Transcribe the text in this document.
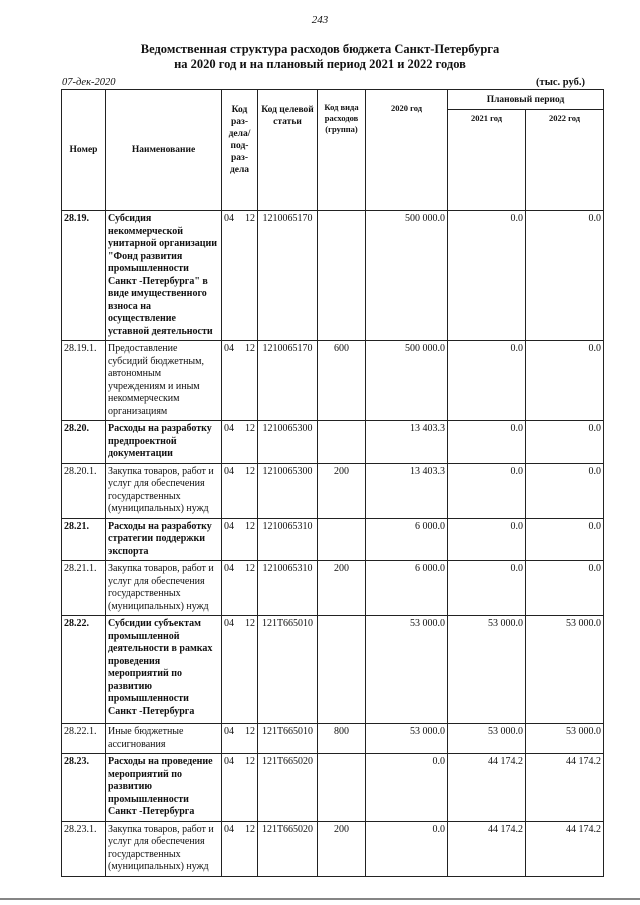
243
Ведомственная структура расходов бюджета Санкт-Петербурга
на 2020 год и на плановый период 2021 и 2022 годов
07-дек-2020	(тыс. руб.)
Номер	Наименование	Код раз- дела/ под- раз- дела	Код целевой статьи	Код вида расходов (группа)	2020 год	Плановый период	
						2021 год	2022 год
28.19.	Субсидия некоммерческой унитарной организации "Фонд развития промышленности Санкт -Петербурга" в виде имущественного взноса на осуществление уставной деятельности	04 12	1210065170		500 000.0	0.0	0.0
28.19.1.	Предоставление субсидий бюджетным, автономным учреждениям и иным некоммерческим организациям	04 12	1210065170	600	500 000.0	0.0	0.0
28.20.	Расходы на разработку предпроектной документации	04 12	1210065300		13 403.3	0.0	0.0
28.20.1.	Закупка товаров, работ и услуг для обеспечения государственных (муниципальных) нужд	04 12	1210065300	200	13 403.3	0.0	0.0
28.21.	Расходы на разработку стратегии поддержки экспорта	04 12	1210065310		6 000.0	0.0	0.0
28.21.1.	Закупка товаров, работ и услуг для обеспечения государственных (муниципальных) нужд	04 12	1210065310	200	6 000.0	0.0	0.0
28.22.	Субсидии субъектам промышленной деятельности в рамках проведения мероприятий по развитию промышленности Санкт -Петербурга	04 12	121Т665010		53 000.0	53 000.0	53 000.0
28.22.1.	Иные бюджетные ассигнования	04 12	121Т665010	800	53 000.0	53 000.0	53 000.0
28.23.	Расходы на проведение мероприятий по развитию промышленности Санкт -Петербурга	04 12	121Т665020		0.0	44 174.2	44 174.2
28.23.1.	Закупка товаров, работ и услуг для обеспечения государственных (муниципальных) нужд	04 12	121Т665020	200	0.0	44 174.2	44 174.2
